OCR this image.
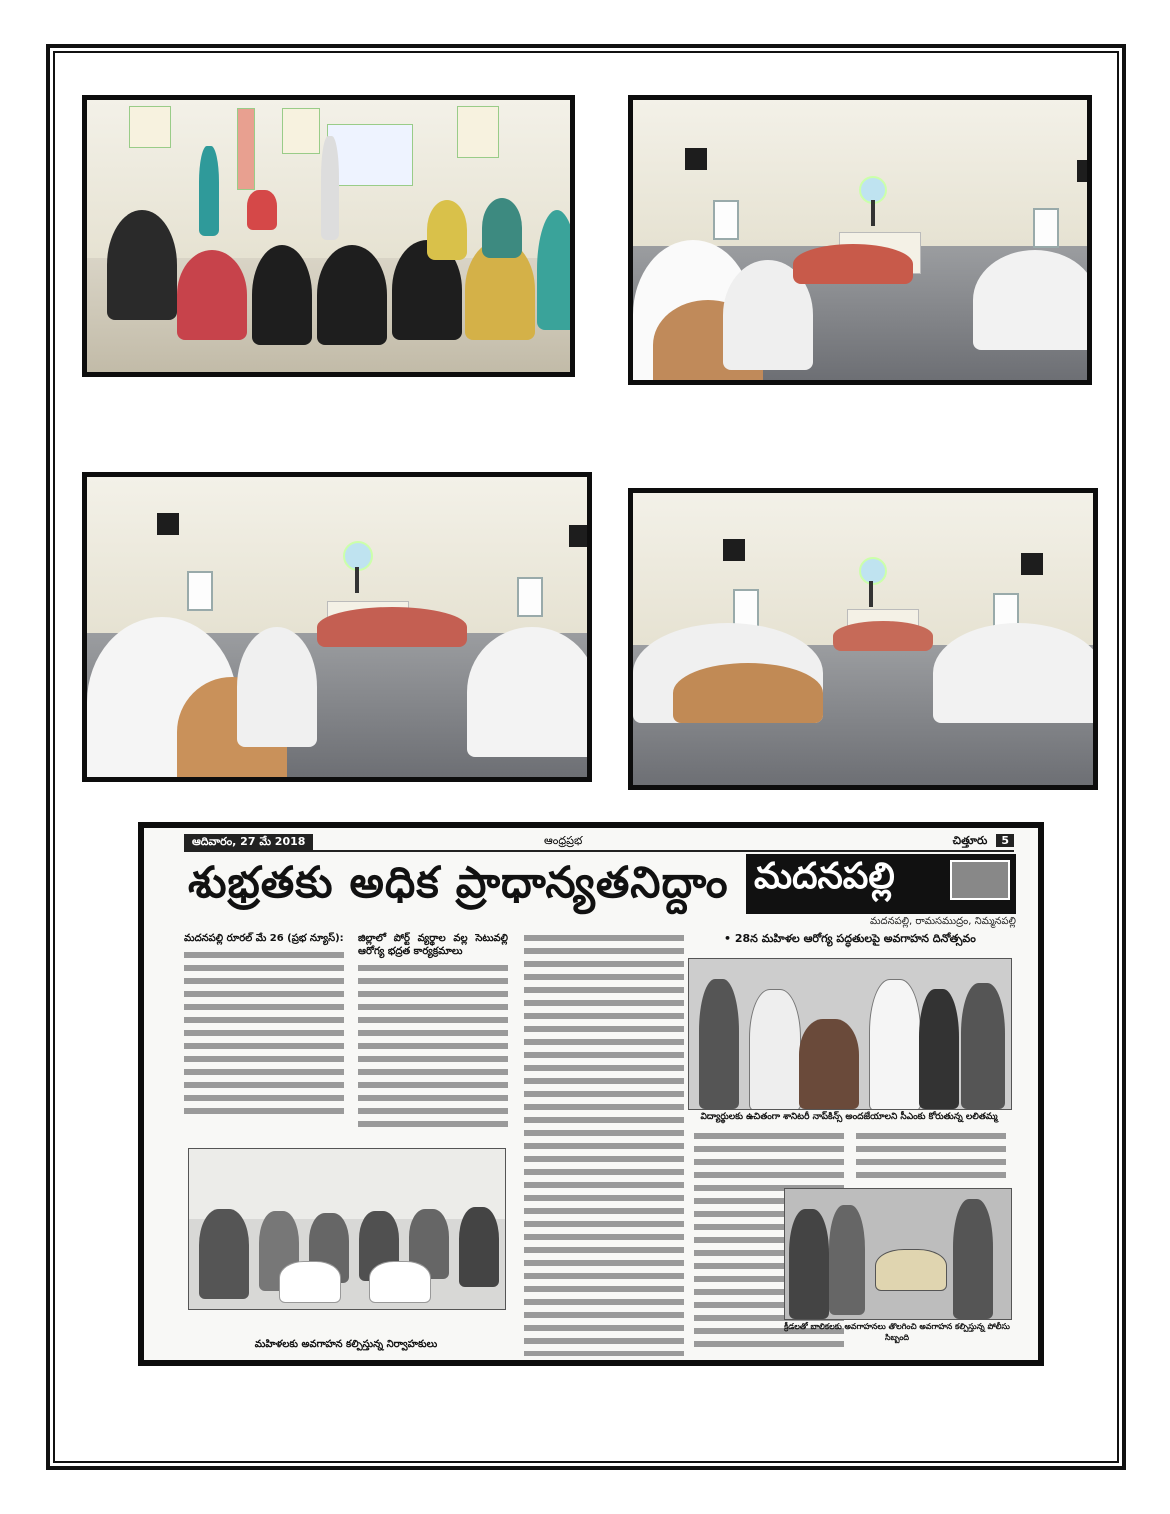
ఆదివారం, 27 మే 2018	ఆంధ్రప్రభ	చిత్తూరు 5
శుభ్రతకు అధిక ప్రాధాన్యతనిద్దాం మదనపల్లి
మదనపల్లి, రామసముద్రం, నిమ్మనపల్లి
మదనపల్లి రూరల్ మే 26 (ప్రభ న్యూస్): జిల్లాలో పోర్ట్ వ్యర్థాల వల్ల సెటువల్లి ఆరోగ్య భద్రత కార్యక్రమాలు
మహిళలకు అవగాహన కల్పిస్తున్న నిర్వాహకులు
• 28న మహిళల ఆరోగ్య పద్ధతులపై అవగాహన దినోత్సవం
విద్యార్థులకు ఉచితంగా శానిటరీ నాప్‌కిన్స్ అందజేయాలని సీఎంకు కోరుతున్న లలితమ్మ
క్రీడలతో బాలికలకు అవగాహనలు తొలగించి అవగాహన కల్పిస్తున్న పోలీసు సిబ్బంది
